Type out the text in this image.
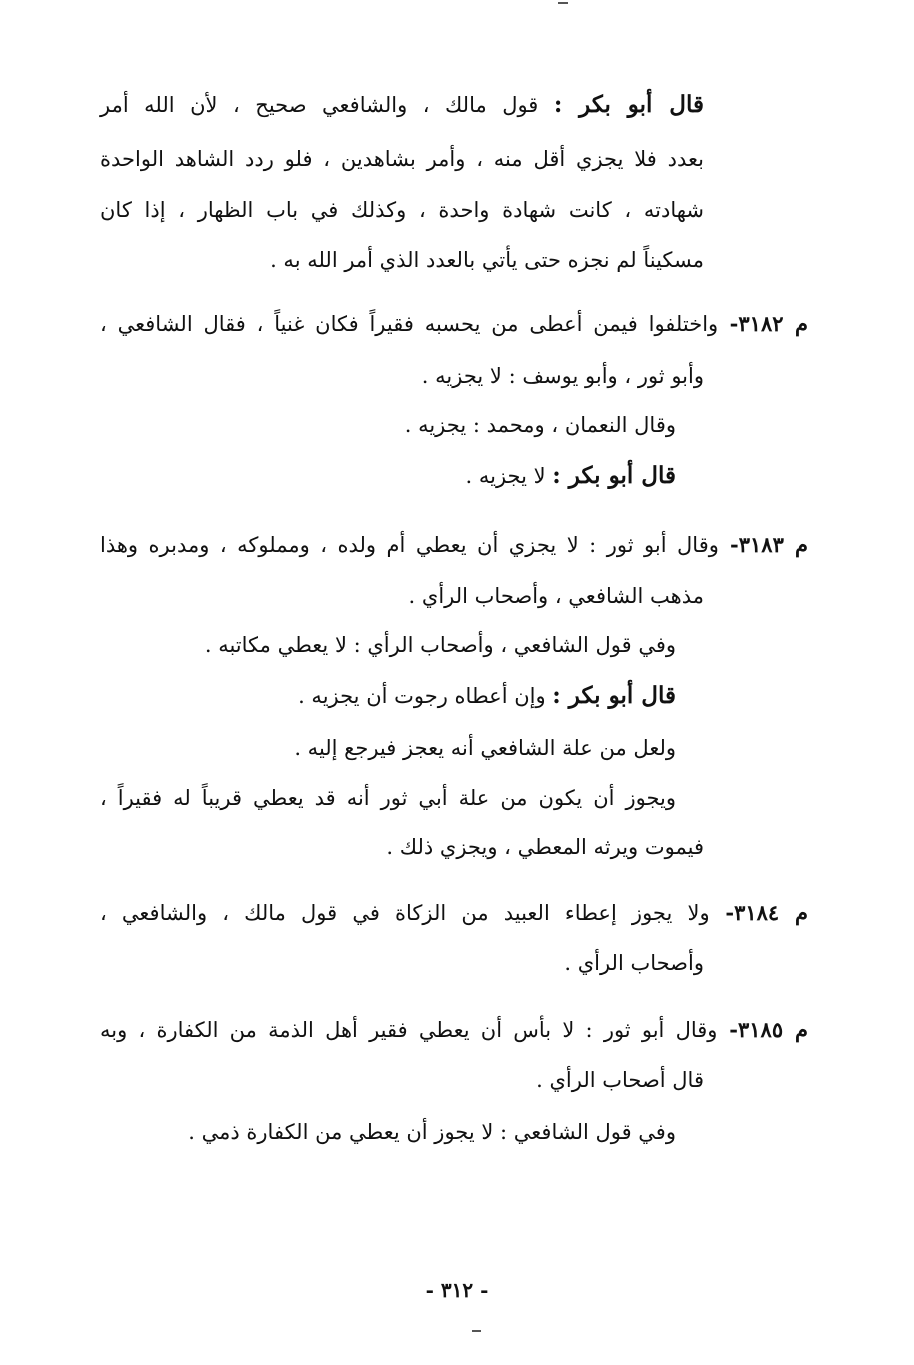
قال أبو بكر : قول مالك ، والشافعي صحيح ، لأن الله أمر
بعدد فلا يجزي أقل منه ، وأمر بشاهدين ، فلو ردد الشاهد الواحدة
شهادته ، كانت شهادة واحدة ، وكذلك في باب الظهار ، إذا كان
مسكيناً لم نجزه حتى يأتي بالعدد الذي أمر الله به .
م ٣١٨٢- واختلفوا فيمن أعطى من يحسبه فقيراً فكان غنياً ، فقال الشافعي ،
وأبو ثور ، وأبو يوسف : لا يجزيه .
وقال النعمان ، ومحمد : يجزيه .
قال أبو بكر : لا يجزيه .
م ٣١٨٣- وقال أبو ثور : لا يجزي أن يعطي أم ولده ، ومملوكه ، ومدبره وهذا
مذهب الشافعي ، وأصحاب الرأي .
وفي قول الشافعي ، وأصحاب الرأي : لا يعطي مكاتبه .
قال أبو بكر : وإن أعطاه رجوت أن يجزيه .
ولعل من علة الشافعي أنه يعجز فيرجع إليه .
ويجوز أن يكون من علة أبي ثور أنه قد يعطي قريباً له فقيراً ،
فيموت ويرثه المعطي ، ويجزي ذلك .
م ٣١٨٤- ولا يجوز إعطاء العبيد من الزكاة في قول مالك ، والشافعي ،
وأصحاب الرأي .
م ٣١٨٥- وقال أبو ثور : لا بأس أن يعطي فقير أهل الذمة من الكفارة ، وبه
قال أصحاب الرأي .
وفي قول الشافعي : لا يجوز أن يعطي من الكفارة ذمي .
- ٣١٢ -
